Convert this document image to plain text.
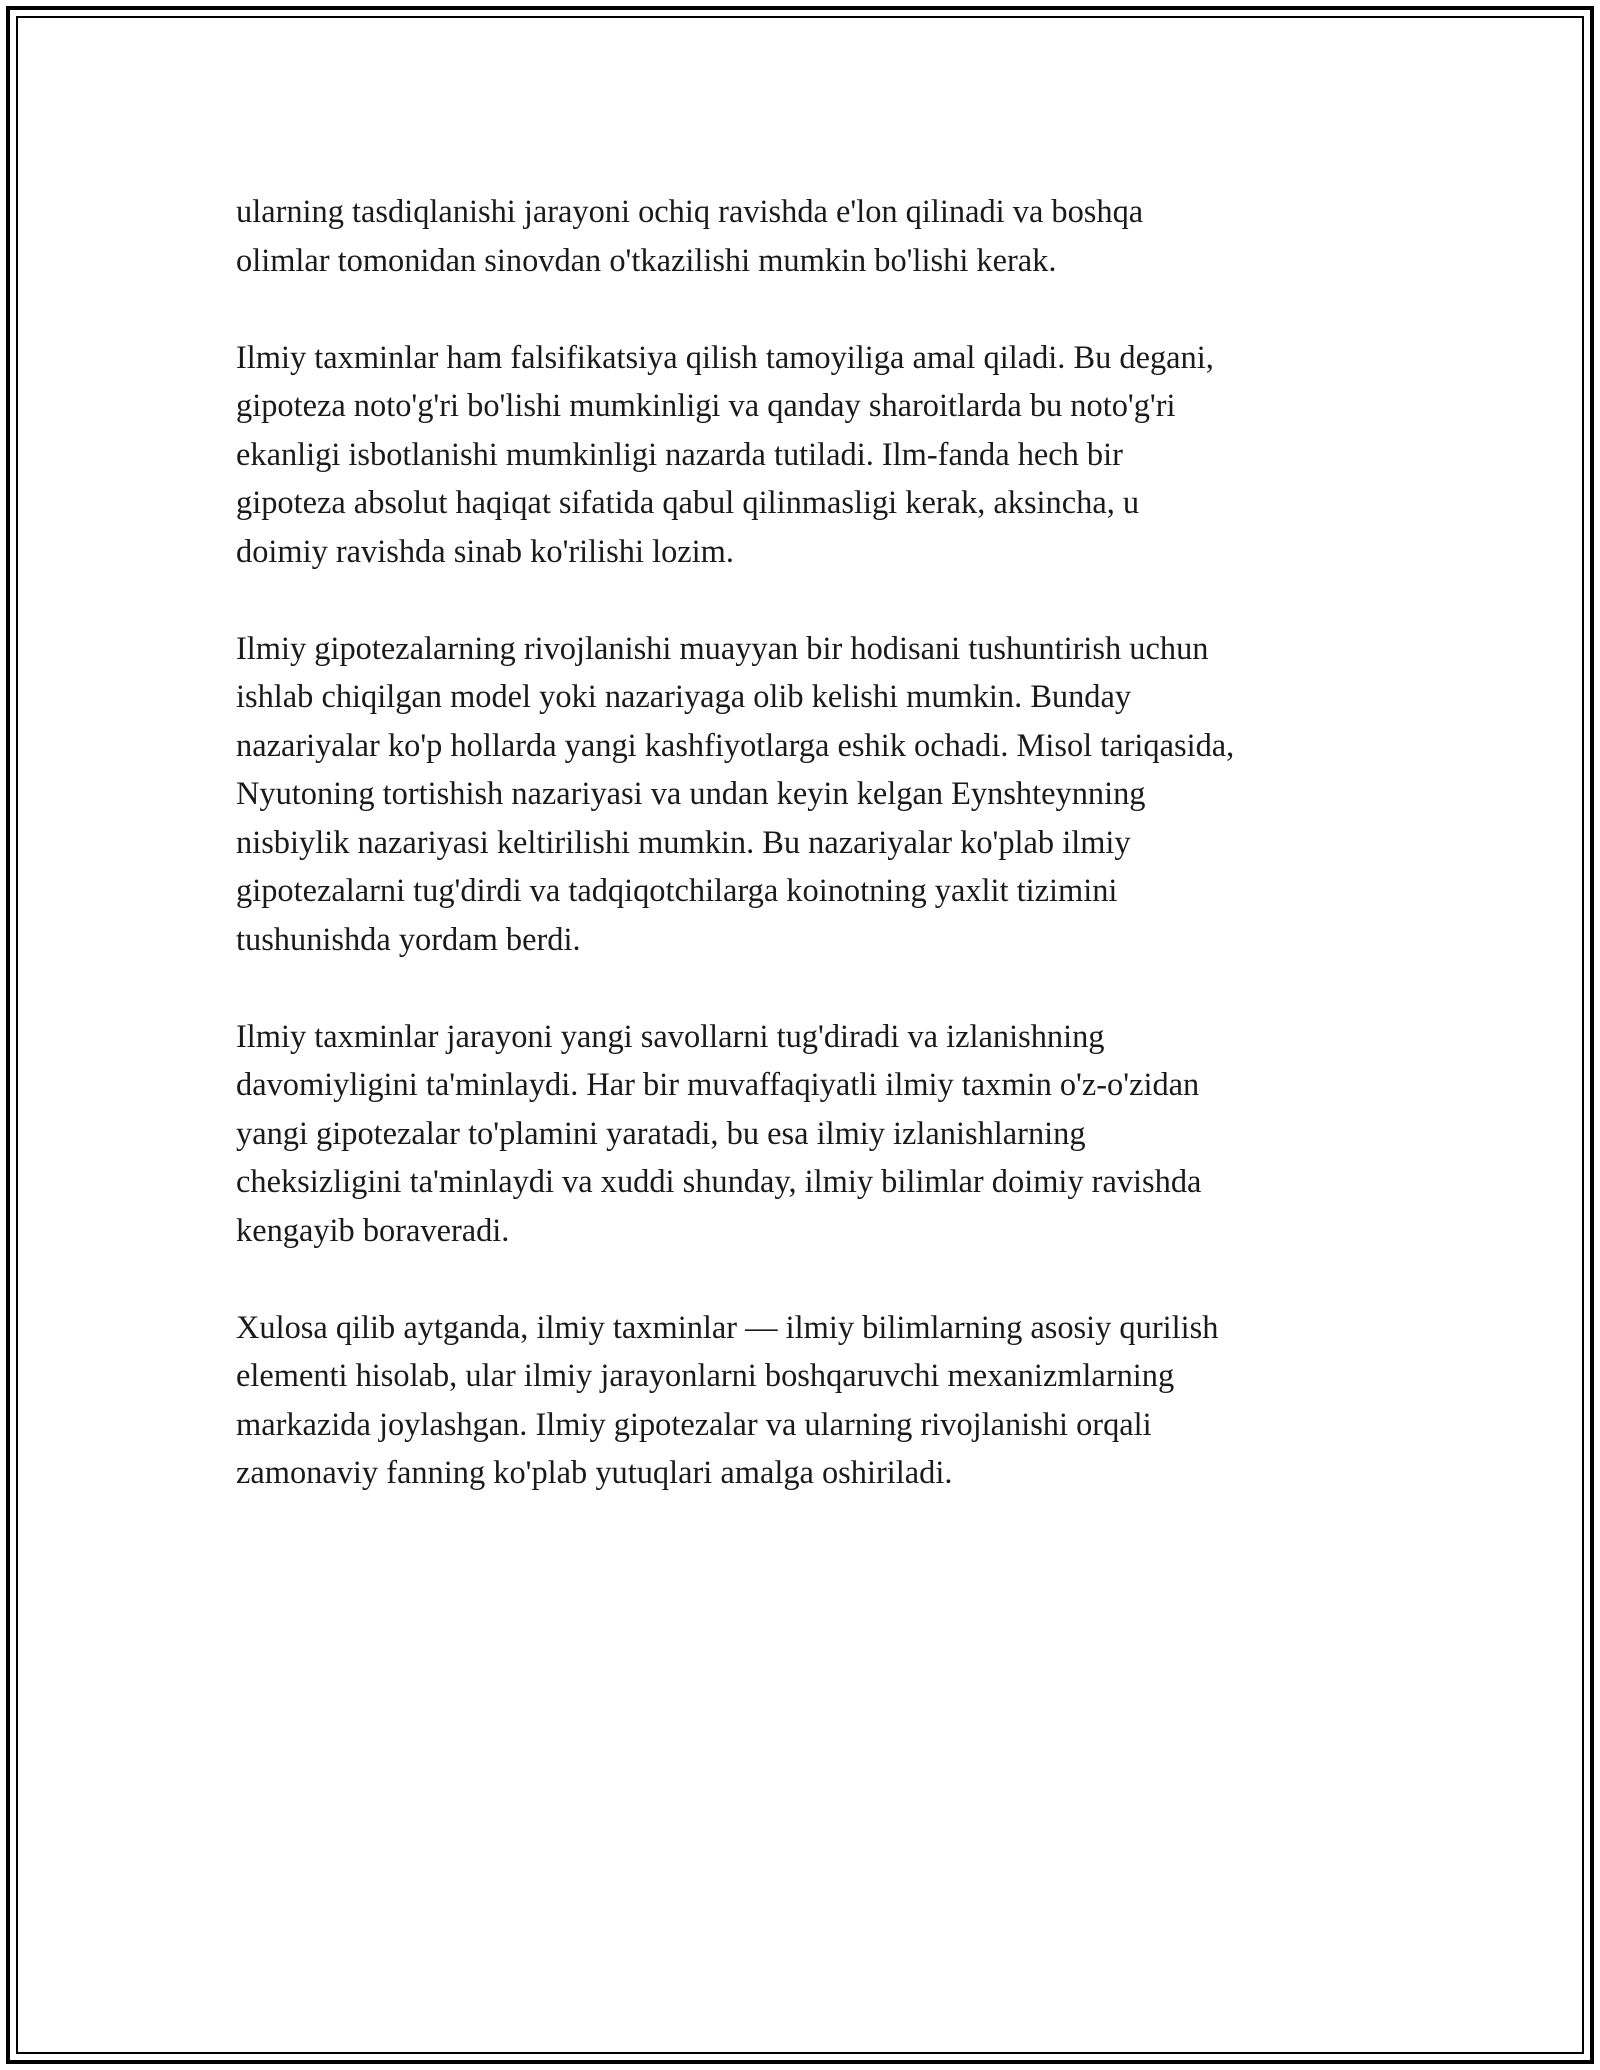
ularning tasdiqlanishi jarayoni ochiq ravishda e'lon qilinadi va boshqa
olimlar tomonidan sinovdan o'tkazilishi mumkin bo'lishi kerak.

Ilmiy taxminlar ham falsifikatsiya qilish tamoyiliga amal qiladi. Bu degani,
gipoteza noto'g'ri bo'lishi mumkinligi va qanday sharoitlarda bu noto'g'ri
ekanligi isbotlanishi mumkinligi nazarda tutiladi. Ilm-fanda hech bir
gipoteza absolut haqiqat sifatida qabul qilinmasligi kerak, aksincha, u
doimiy ravishda sinab ko'rilishi lozim.

Ilmiy gipotezalarning rivojlanishi muayyan bir hodisani tushuntirish uchun
ishlab chiqilgan model yoki nazariyaga olib kelishi mumkin. Bunday
nazariyalar ko'p hollarda yangi kashfiyotlarga eshik ochadi. Misol tariqasida,
Nyutoning tortishish nazariyasi va undan keyin kelgan Eynshteynning
nisbiylik nazariyasi keltirilishi mumkin. Bu nazariyalar ko'plab ilmiy
gipotezalarni tug'dirdi va tadqiqotchilarga koinotning yaxlit tizimini
tushunishda yordam berdi.

Ilmiy taxminlar jarayoni yangi savollarni tug'diradi va izlanishning
davomiyligini ta'minlaydi. Har bir muvaffaqiyatli ilmiy taxmin o'z-o'zidan
yangi gipotezalar to'plamini yaratadi, bu esa ilmiy izlanishlarning
cheksizligini ta'minlaydi va xuddi shunday, ilmiy bilimlar doimiy ravishda
kengayib boraveradi.

Xulosa qilib aytganda, ilmiy taxminlar — ilmiy bilimlarning asosiy qurilish
elementi hisolab, ular ilmiy jarayonlarni boshqaruvchi mexanizmlarning
markazida joylashgan. Ilmiy gipotezalar va ularning rivojlanishi orqali
zamonaviy fanning ko'plab yutuqlari amalga oshiriladi.
